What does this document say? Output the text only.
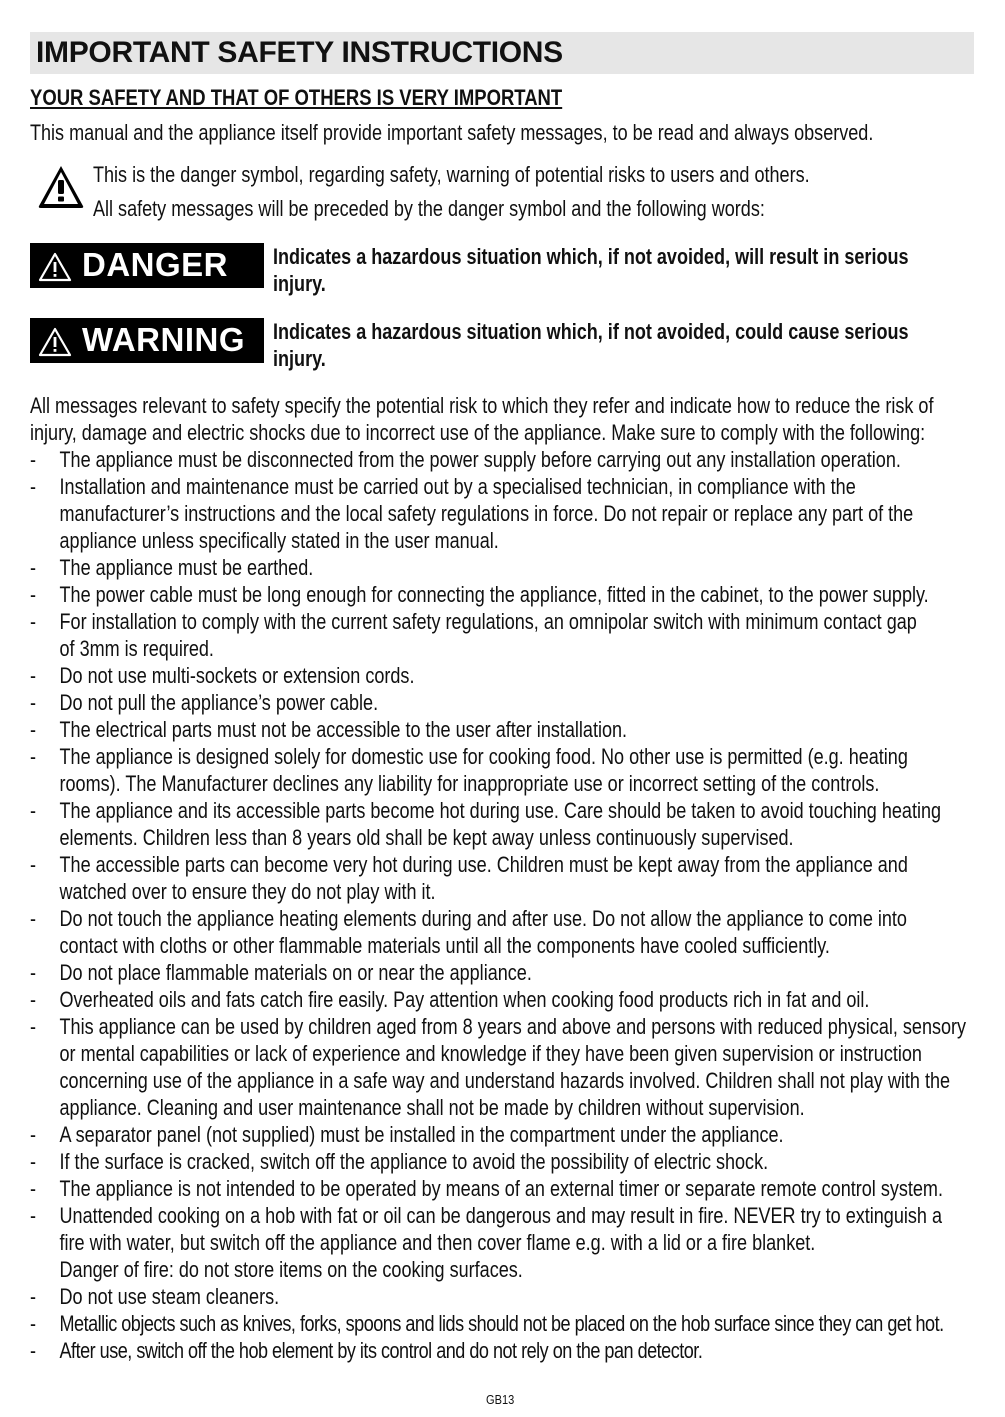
IMPORTANT SAFETY INSTRUCTIONS
YOUR SAFETY AND THAT OF OTHERS IS VERY IMPORTANT

This manual and the appliance itself provide important safety messages, to be read and always observed.

This is the danger symbol, regarding safety, warning of potential risks to users and others.

All safety messages will be preceded by the danger symbol and the following words:

DANGER Indicates a hazardous situation which, if not avoided, will result in serious
injury.

WARNING Indicates a hazardous situation which, if not avoided, could cause serious
injury.

All messages relevant to safety specify the potential risk to which they refer and indicate how to reduce the risk of
injury, damage and electric shocks due to incorrect use of the appliance. Make sure to comply with the following:

- The appliance must be disconnected from the power supply before carrying out any installation operation.
- Installation and maintenance must be carried out by a specialised technician, in compliance with the
manufacturer’s instructions and the local safety regulations in force. Do not repair or replace any part of the
appliance unless specifically stated in the user manual.
- The appliance must be earthed.
- The power cable must be long enough for connecting the appliance, fitted in the cabinet, to the power supply.
- For installation to comply with the current safety regulations, an omnipolar switch with minimum contact gap
of 3mm is required.
- Do not use multi-sockets or extension cords.
- Do not pull the appliance’s power cable.
- The electrical parts must not be accessible to the user after installation.
- The appliance is designed solely for domestic use for cooking food. No other use is permitted (e.g. heating
rooms). The Manufacturer declines any liability for inappropriate use or incorrect setting of the controls.
- The appliance and its accessible parts become hot during use. Care should be taken to avoid touching heating
elements. Children less than 8 years old shall be kept away unless continuously supervised.
- The accessible parts can become very hot during use. Children must be kept away from the appliance and
watched over to ensure they do not play with it.
- Do not touch the appliance heating elements during and after use. Do not allow the appliance to come into
contact with cloths or other flammable materials until all the components have cooled sufficiently.
- Do not place flammable materials on or near the appliance.
- Overheated oils and fats catch fire easily. Pay attention when cooking food products rich in fat and oil.
- This appliance can be used by children aged from 8 years and above and persons with reduced physical, sensory
or mental capabilities or lack of experience and knowledge if they have been given supervision or instruction
concerning use of the appliance in a safe way and understand hazards involved. Children shall not play with the
appliance. Cleaning and user maintenance shall not be made by children without supervision.
- A separator panel (not supplied) must be installed in the compartment under the appliance.
- If the surface is cracked, switch off the appliance to avoid the possibility of electric shock.
- The appliance is not intended to be operated by means of an external timer or separate remote control system.
- Unattended cooking on a hob with fat or oil can be dangerous and may result in fire. NEVER try to extinguish a
fire with water, but switch off the appliance and then cover flame e.g. with a lid or a fire blanket.
Danger of fire: do not store items on the cooking surfaces.
- Do not use steam cleaners.
- Metallic objects such as knives, forks, spoons and lids should not be placed on the hob surface since they can get hot.
- After use, switch off the hob element by its control and do not rely on the pan detector.

GB13
